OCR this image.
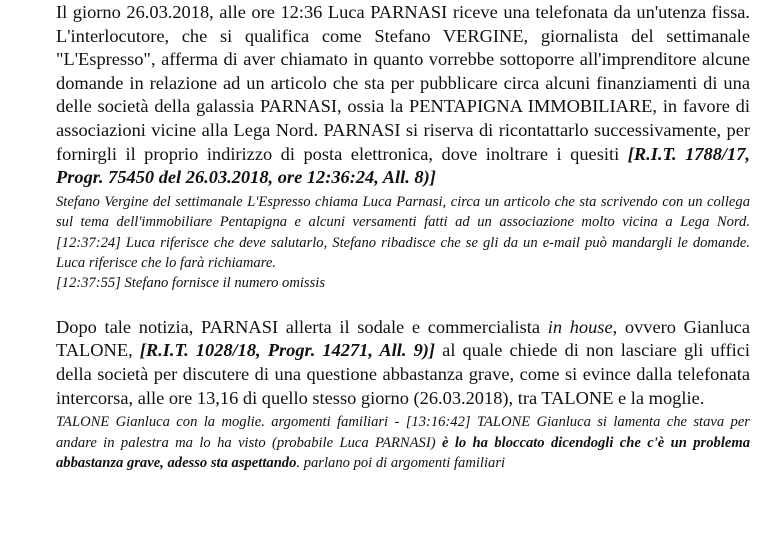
Il giorno 26.03.2018, alle ore 12:36 Luca PARNASI riceve una telefonata da un'utenza fissa. L'interlocutore, che si qualifica come Stefano VERGINE, giornalista del settimanale "L'Espresso", afferma di aver chiamato in quanto vorrebbe sottoporre all'imprenditore alcune domande in relazione ad un articolo che sta per pubblicare circa alcuni finanziamenti di una delle società della galassia PARNASI, ossia la PENTAPIGNA IMMOBILIARE, in favore di associazioni vicine alla Lega Nord. PARNASI si riserva di ricontattarlo successivamente, per fornirgli il proprio indirizzo di posta elettronica, dove inoltrare i quesiti [R.I.T. 1788/17, Progr. 75450 del 26.03.2018, ore 12:36:24, All. 8)]

Stefano Vergine del settimanale L'Espresso chiama Luca Parnasi, circa un articolo che sta scrivendo con un collega sul tema dell'immobiliare Pentapigna e alcuni versamenti fatti ad un associazione molto vicina a Lega Nord. [12:37:24] Luca riferisce che deve salutarlo, Stefano ribadisce che se gli da un e-mail può mandargli le domande. Luca riferisce che lo farà richiamare.

[12:37:55] Stefano fornisce il numero omissis

Dopo tale notizia, PARNASI allerta il sodale e commercialista in house, ovvero Gianluca TALONE, [R.I.T. 1028/18, Progr. 14271, All. 9)] al quale chiede di non lasciare gli uffici della società per discutere di una questione abbastanza grave, come si evince dalla telefonata intercorsa, alle ore 13,16 di quello stesso giorno (26.03.2018), tra TALONE e la moglie.

TALONE Gianluca con la moglie. argomenti familiari - [13:16:42] TALONE Gianluca si lamenta che stava per andare in palestra ma lo ha visto (probabile Luca PARNASI) è lo ha bloccato dicendogli che c'è un problema abbastanza grave, adesso sta aspettando. parlano poi di argomenti familiari
